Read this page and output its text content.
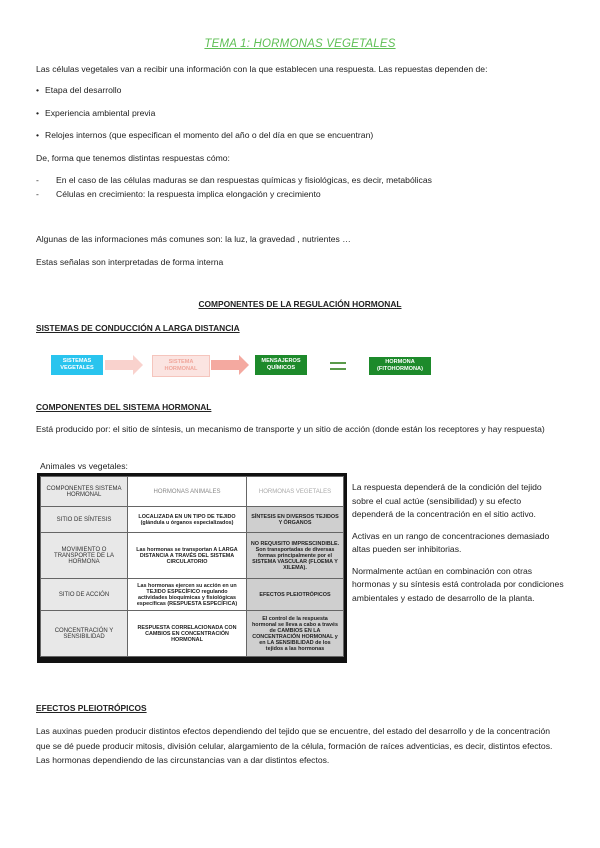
TEMA 1: HORMONAS VEGETALES

Las células vegetales van a recibir una información con la que establecen una respuesta. Las repuestas dependen de:

• Etapa del desarrollo

• Experiencia ambiental previa

• Relojes internos (que especifican el momento del año o del día en que se encuentran)

De, forma que tenemos distintas respuestas cómo:

- En el caso de las células maduras se dan respuestas químicas y fisiológicas, es decir, metabólicas

- Células en crecimiento: la respuesta implica elongación y crecimiento

Algunas de las informaciones más comunes son: la luz, la gravedad , nutrientes …

Estas señalas son interpretadas de forma interna

COMPONENTES DE LA REGULACIÓN HORMONAL
SISTEMAS DE CONDUCCIÓN A LARGA DISTANCIA
SISTEMAS VEGETALES
SISTEMA HORMONAL
MENSAJEROS QUÍMICOS
HORMONA (FITOHORMONA)
COMPONENTES DEL SISTEMA HORMONAL

Está producido por: el sitio de síntesis, un mecanismo de transporte y un sitio de acción (donde están los receptores y hay respuesta)

Animales vs vegetales:

COMPONENTES SISTEMA HORMONAL	HORMONAS ANIMALES	HORMONAS VEGETALES
SITIO DE SÍNTESIS	LOCALIZADA EN UN TIPO DE TEJIDO (glándula u órganos especializados)	SÍNTESIS EN DIVERSOS TEJIDOS Y ÓRGANOS
MOVIMIENTO O TRANSPORTE DE LA HORMONA	Las hormonas se transportan A LARGA DISTANCIA A TRAVÉS DEL SISTEMA CIRCULATORIO	NO REQUISITO IMPRESCINDIBLE. Son transportadas de diversas formas principalmente por el SISTEMA VASCULAR (FLOEMA Y XILEMA).
SITIO DE ACCIÓN	Las hormonas ejercen su acción en un TEJIDO ESPECÍFICO regulando actividades bioquímicas y fisiológicas específicas (RESPUESTA ESPECÍFICA)	EFECTOS PLEIOTRÓPICOS
CONCENTRACIÓN Y SENSIBILIDAD	RESPUESTA CORRELACIONADA CON CAMBIOS EN CONCENTRACIÓN HORMONAL	El control de la respuesta hormonal se lleva a cabo a través de CAMBIOS EN LA CONCENTRACIÓN HORMONAL y en LA SENSIBILIDAD de los tejidos a las hormonas

La respuesta dependerá de la condición del tejido sobre el cual actúe (sensibilidad) y su efecto dependerá de la concentración en el sitio activo.

Activas en un rango de concentraciones demasiado altas pueden ser inhibitorias.

Normalmente actúan en combinación con otras hormonas y su síntesis está controlada por condiciones ambientales y estado de desarrollo de la planta.

EFECTOS PLEIOTRÓPICOS

Las auxinas pueden producir distintos efectos dependiendo del tejido que se encuentre, del estado del desarrollo y de la concentración que se dé puede producir mitosis, división celular, alargamiento de la célula, formación de raíces adventicias, es decir, distintos efectos. Las hormonas dependiendo de las circunstancias van a dar distintos efectos.
